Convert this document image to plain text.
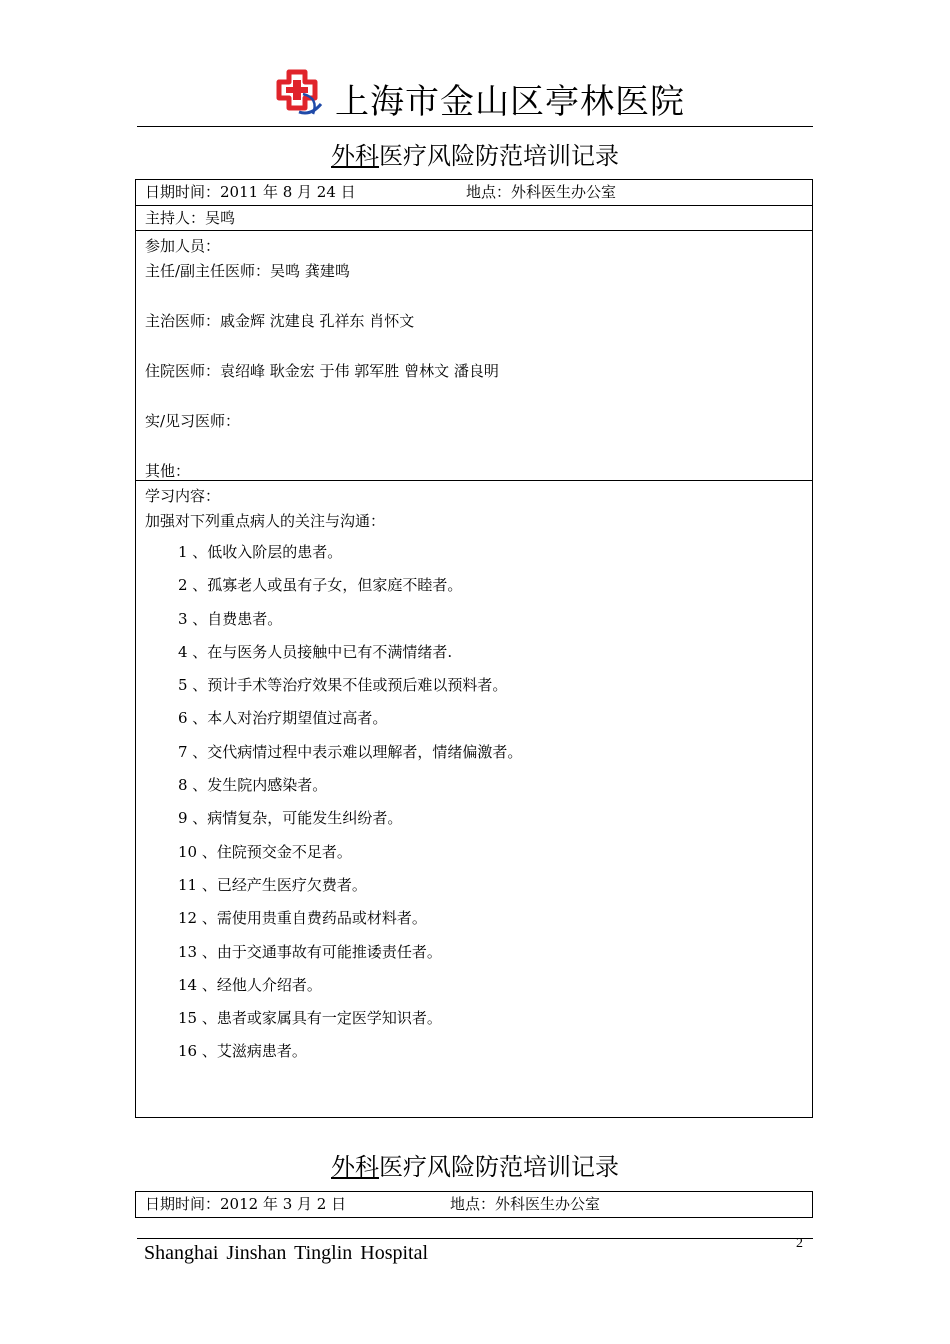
上海市金山区亭林医院
外科医疗风险防范培训记录
日期时间：2011 年 8 月 24 日	地点：外科医生办公室
主持人：吴鸣
参加人员：
主任/副主任医师：吴鸣 龚建鸣
主治医师：戚金辉 沈建良 孔祥东 肖怀文
住院医师：袁绍峰 耿金宏 于伟 郭军胜 曾林文 潘良明
实/见习医师：
其他：
学习内容：
加强对下列重点病人的关注与沟通：
1 、低收入阶层的患者。
2 、孤寡老人或虽有子女，但家庭不睦者。
3 、自费患者。
4 、在与医务人员接触中已有不满情绪者.
5 、预计手术等治疗效果不佳或预后难以预料者。
6 、本人对治疗期望值过高者。
7 、交代病情过程中表示难以理解者，情绪偏激者。
8 、发生院内感染者。
9 、病情复杂，可能发生纠纷者。
10 、住院预交金不足者。
11 、已经产生医疗欠费者。
12 、需使用贵重自费药品或材料者。
13 、由于交通事故有可能推诿责任者。
14 、经他人介绍者。
15 、患者或家属具有一定医学知识者。
16 、艾滋病患者。
外科医疗风险防范培训记录
日期时间：2012 年 3 月 2 日	地点：外科医生办公室
Shanghai Jinshan Tinglin Hospital	2
